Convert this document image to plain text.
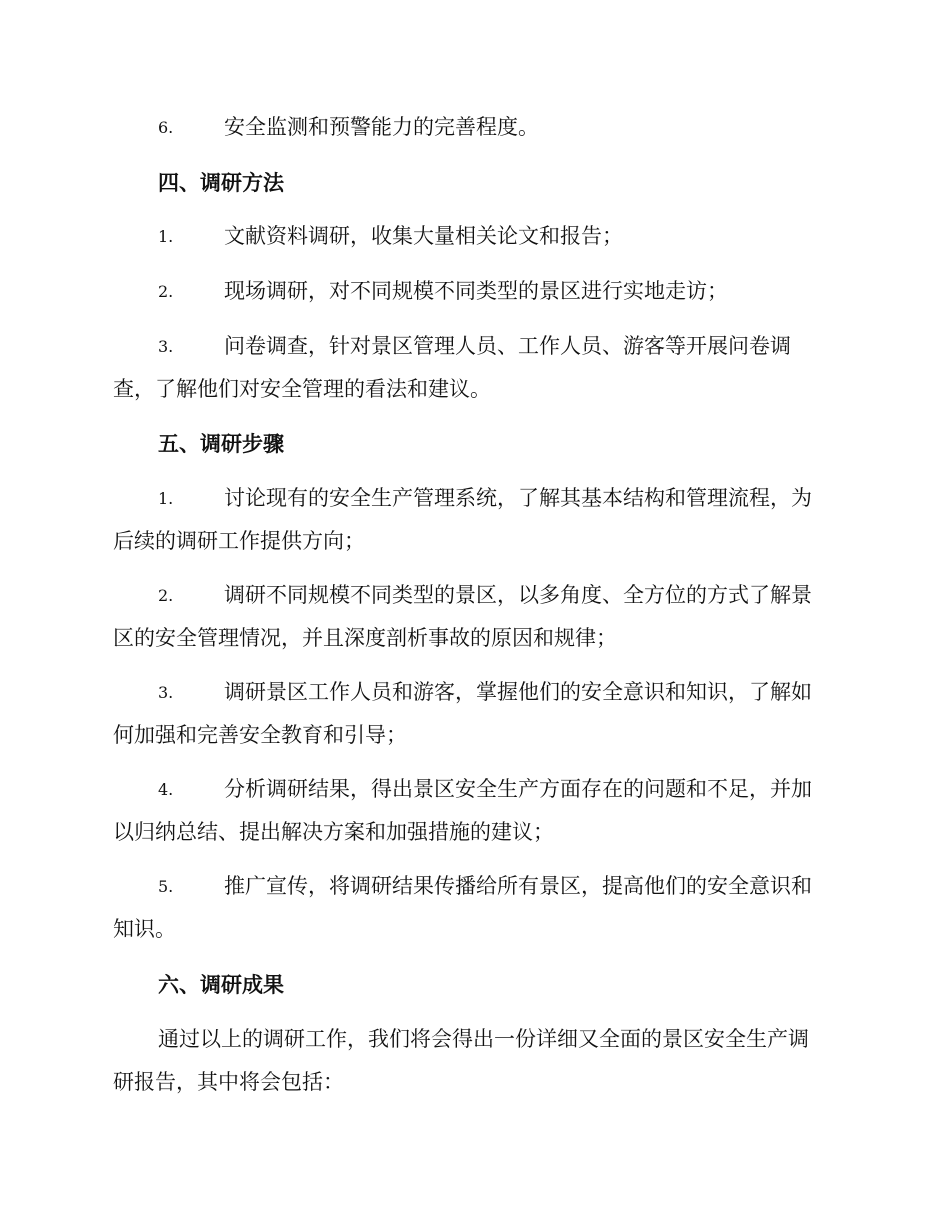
6.	安全监测和预警能力的完善程度。
四、调研方法
1.	文献资料调研，收集大量相关论文和报告；
2.	现场调研，对不同规模不同类型的景区进行实地走访；
3.	问卷调查，针对景区管理人员、工作人员、游客等开展问卷调
查，了解他们对安全管理的看法和建议。
五、调研步骤
1.	讨论现有的安全生产管理系统，了解其基本结构和管理流程，为
后续的调研工作提供方向；
2.	调研不同规模不同类型的景区，以多角度、全方位的方式了解景
区的安全管理情况，并且深度剖析事故的原因和规律；
3.	调研景区工作人员和游客，掌握他们的安全意识和知识，了解如
何加强和完善安全教育和引导；
4.	分析调研结果，得出景区安全生产方面存在的问题和不足，并加
以归纳总结、提出解决方案和加强措施的建议；
5.	推广宣传，将调研结果传播给所有景区，提高他们的安全意识和
知识。
六、调研成果
通过以上的调研工作，我们将会得出一份详细又全面的景区安全生产调
研报告，其中将会包括：
